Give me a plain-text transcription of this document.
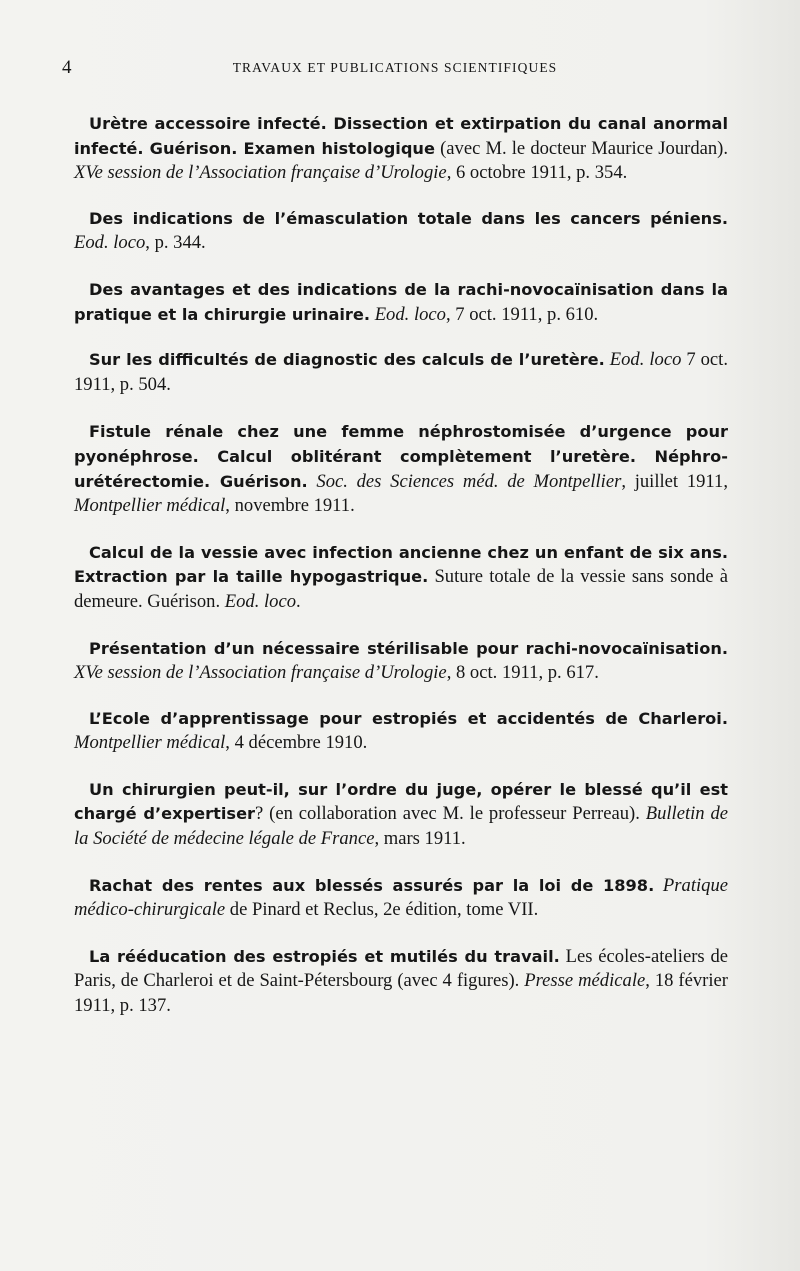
4	TRAVAUX ET PUBLICATIONS SCIENTIFIQUES

Urètre accessoire infecté. Dissection et extirpation du canal anormal infecté. Guérison. Examen histologique (avec M. le docteur Maurice Jourdan). XVe session de l’Association française d’Urologie, 6 octobre 1911, p. 354.

Des indications de l’émasculation totale dans les cancers péniens. Eod. loco, p. 344.

Des avantages et des indications de la rachi-novocaïnisation dans la pratique et la chirurgie urinaire. Eod. loco, 7 oct. 1911, p. 610.

Sur les difficultés de diagnostic des calculs de l’uretère. Eod. loco 7 oct. 1911, p. 504.

Fistule rénale chez une femme néphrostomisée d’urgence pour pyonéphrose. Calcul oblitérant complètement l’uretère. Néphro-urétérectomie. Guérison. Soc. des Sciences méd. de Montpellier, juillet 1911, Montpellier médical, novembre 1911.

Calcul de la vessie avec infection ancienne chez un enfant de six ans. Extraction par la taille hypogastrique. Suture totale de la vessie sans sonde à demeure. Guérison. Eod. loco.

Présentation d’un nécessaire stérilisable pour rachi-novocaïnisation. XVe session de l’Association française d’Urologie, 8 oct. 1911, p. 617.

L’Ecole d’apprentissage pour estropiés et accidentés de Charleroi. Montpellier médical, 4 décembre 1910.

Un chirurgien peut-il, sur l’ordre du juge, opérer le blessé qu’il est chargé d’expertiser? (en collaboration avec M. le professeur Perreau). Bulletin de la Société de médecine légale de France, mars 1911.

Rachat des rentes aux blessés assurés par la loi de 1898. Pratique médico-chirurgicale de Pinard et Reclus, 2e édition, tome VII.

La rééducation des estropiés et mutilés du travail. Les écoles-ateliers de Paris, de Charleroi et de Saint-Pétersbourg (avec 4 figures). Presse médicale, 18 février 1911, p. 137.
